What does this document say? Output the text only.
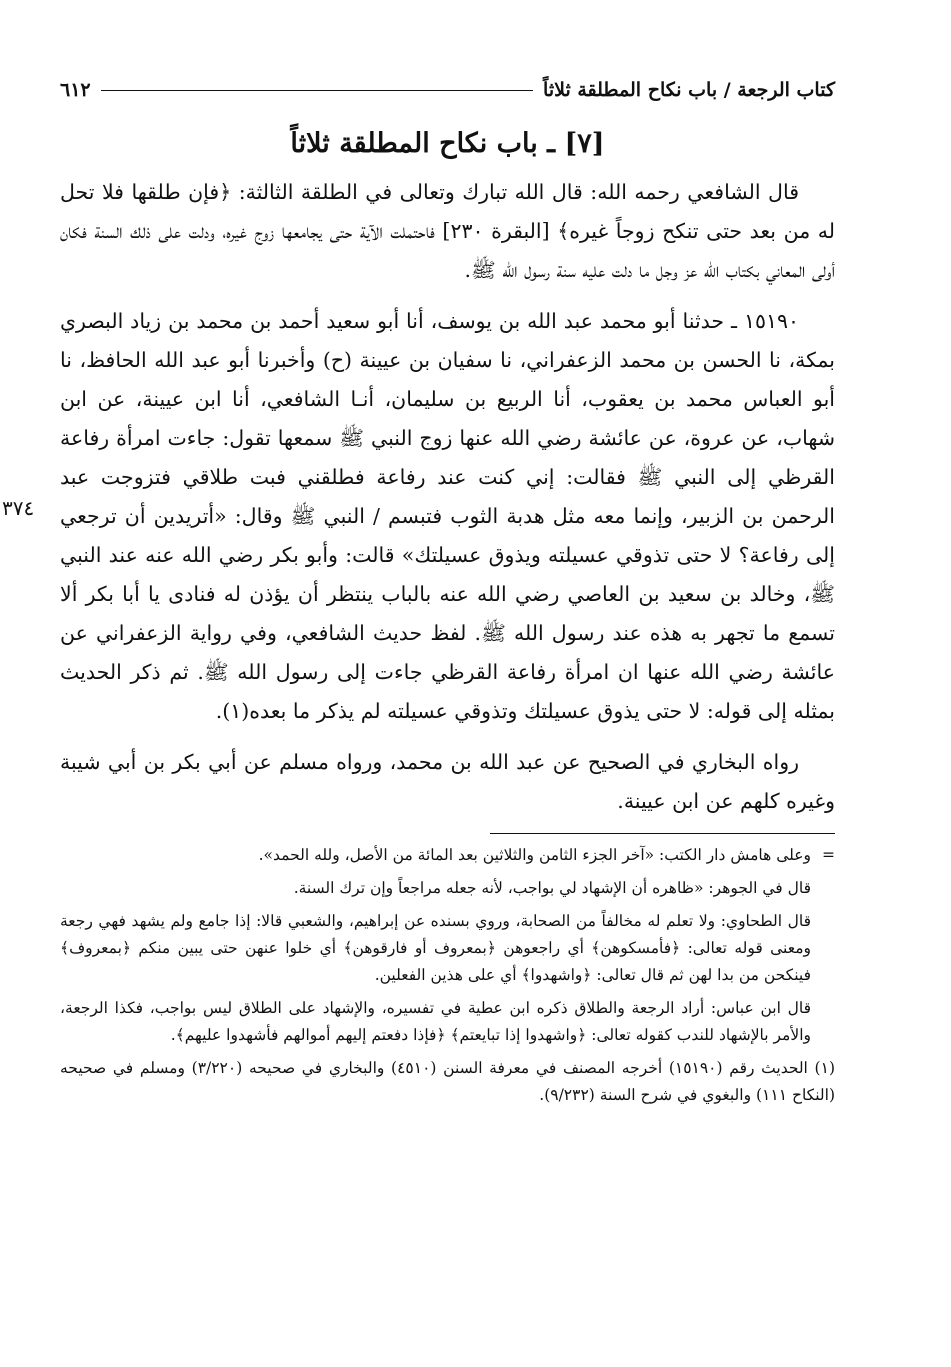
كتاب الرجعة / باب نكاح المطلقة ثلاثاً
٦١٢
[٧] ـ باب نكاح المطلقة ثلاثاً

قال الشافعي رحمه الله: قال الله تبارك وتعالى في الطلقة الثالثة: ﴿فإن طلقها فلا تحل له من بعد حتى تنكح زوجاً غيره﴾ [البقرة ٢٣٠] فاحتملت الآية حتى يجامعها زوج غيره، ودلت على ذلك السنة فكان أولى المعاني بكتاب الله عز وجل ما دلت عليه سنة رسول الله ﷺ.

٣٧٤

١٥١٩٠ ـ حدثنا أبو محمد عبد الله بن يوسف، أنا أبو سعيد أحمد بن محمد بن زياد البصري بمكة، نا الحسن بن محمد الزعفراني، نا سفيان بن عيينة (ح) وأخبرنا أبو عبد الله الحافظ، نا أبو العباس محمد بن يعقوب، أنا الربيع بن سليمان، أنـا الشافعي، أنا ابن عيينة، عن ابن شهاب، عن عروة، عن عائشة رضي الله عنها زوج النبي ﷺ سمعها تقول: جاءت امرأة رفاعة القرظي إلى النبي ﷺ فقالت: إني كنت عند رفاعة فطلقني فبت طلاقي فتزوجت عبد الرحمن بن الزبير، وإنما معه مثل هدبة الثوب فتبسم / النبي ﷺ وقال: «أتريدين أن ترجعي إلى رفاعة؟ لا حتى تذوقي عسيلته ويذوق عسيلتك» قالت: وأبو بكر رضي الله عنه عند النبي ﷺ، وخالد بن سعيد بن العاصي رضي الله عنه بالباب ينتظر أن يؤذن له فنادى يا أبا بكر ألا تسمع ما تجهر به هذه عند رسول الله ﷺ. لفظ حديث الشافعي، وفي رواية الزعفراني عن عائشة رضي الله عنها ان امرأة رفاعة القرظي جاءت إلى رسول الله ﷺ. ثم ذكر الحديث بمثله إلى قوله: لا حتى يذوق عسيلتك وتذوقي عسيلته لم يذكر ما بعده(١).

رواه البخاري في الصحيح عن عبد الله بن محمد، ورواه مسلم عن أبي بكر بن أبي شيبة وغيره كلهم عن ابن عيينة.

=
وعلى هامش دار الكتب: «آخر الجزء الثامن والثلاثين بعد المائة من الأصل، ولله الحمد».
قال في الجوهر: «ظاهره أن الإشهاد لي بواجب، لأنه جعله مراجعاً وإن ترك السنة.
قال الطحاوي: ولا تعلم له مخالفاً من الصحابة، وروي بسنده عن إبراهيم، والشعبي قالا: إذا جامع ولم يشهد فهي رجعة ومعنى قوله تعالى: ﴿فأمسكوهن﴾ أي راجعوهن ﴿بمعروف أو فارقوهن﴾ أي خلوا عنهن حتى يبين منكم ﴿بمعروف﴾ فينكحن من بدا لهن ثم قال تعالى: ﴿واشهدوا﴾ أي على هذين الفعلين.
قال ابن عباس: أراد الرجعة والطلاق ذكره ابن عطية في تفسيره، والإشهاد على الطلاق ليس بواجب، فكذا الرجعة، والأمر بالإشهاد للندب كقوله تعالى: ﴿واشهدوا إذا تبايعتم﴾ ﴿فإذا دفعتم إليهم أموالهم فأشهدوا عليهم﴾.
(١) الحديث رقم (١٥١٩٠) أخرجه المصنف في معرفة السنن (٤٥١٠) والبخاري في صحيحه (٣/٢٢٠) ومسلم في صحيحه (النكاح ١١١) والبغوي في شرح السنة (٩/٢٣٢).
